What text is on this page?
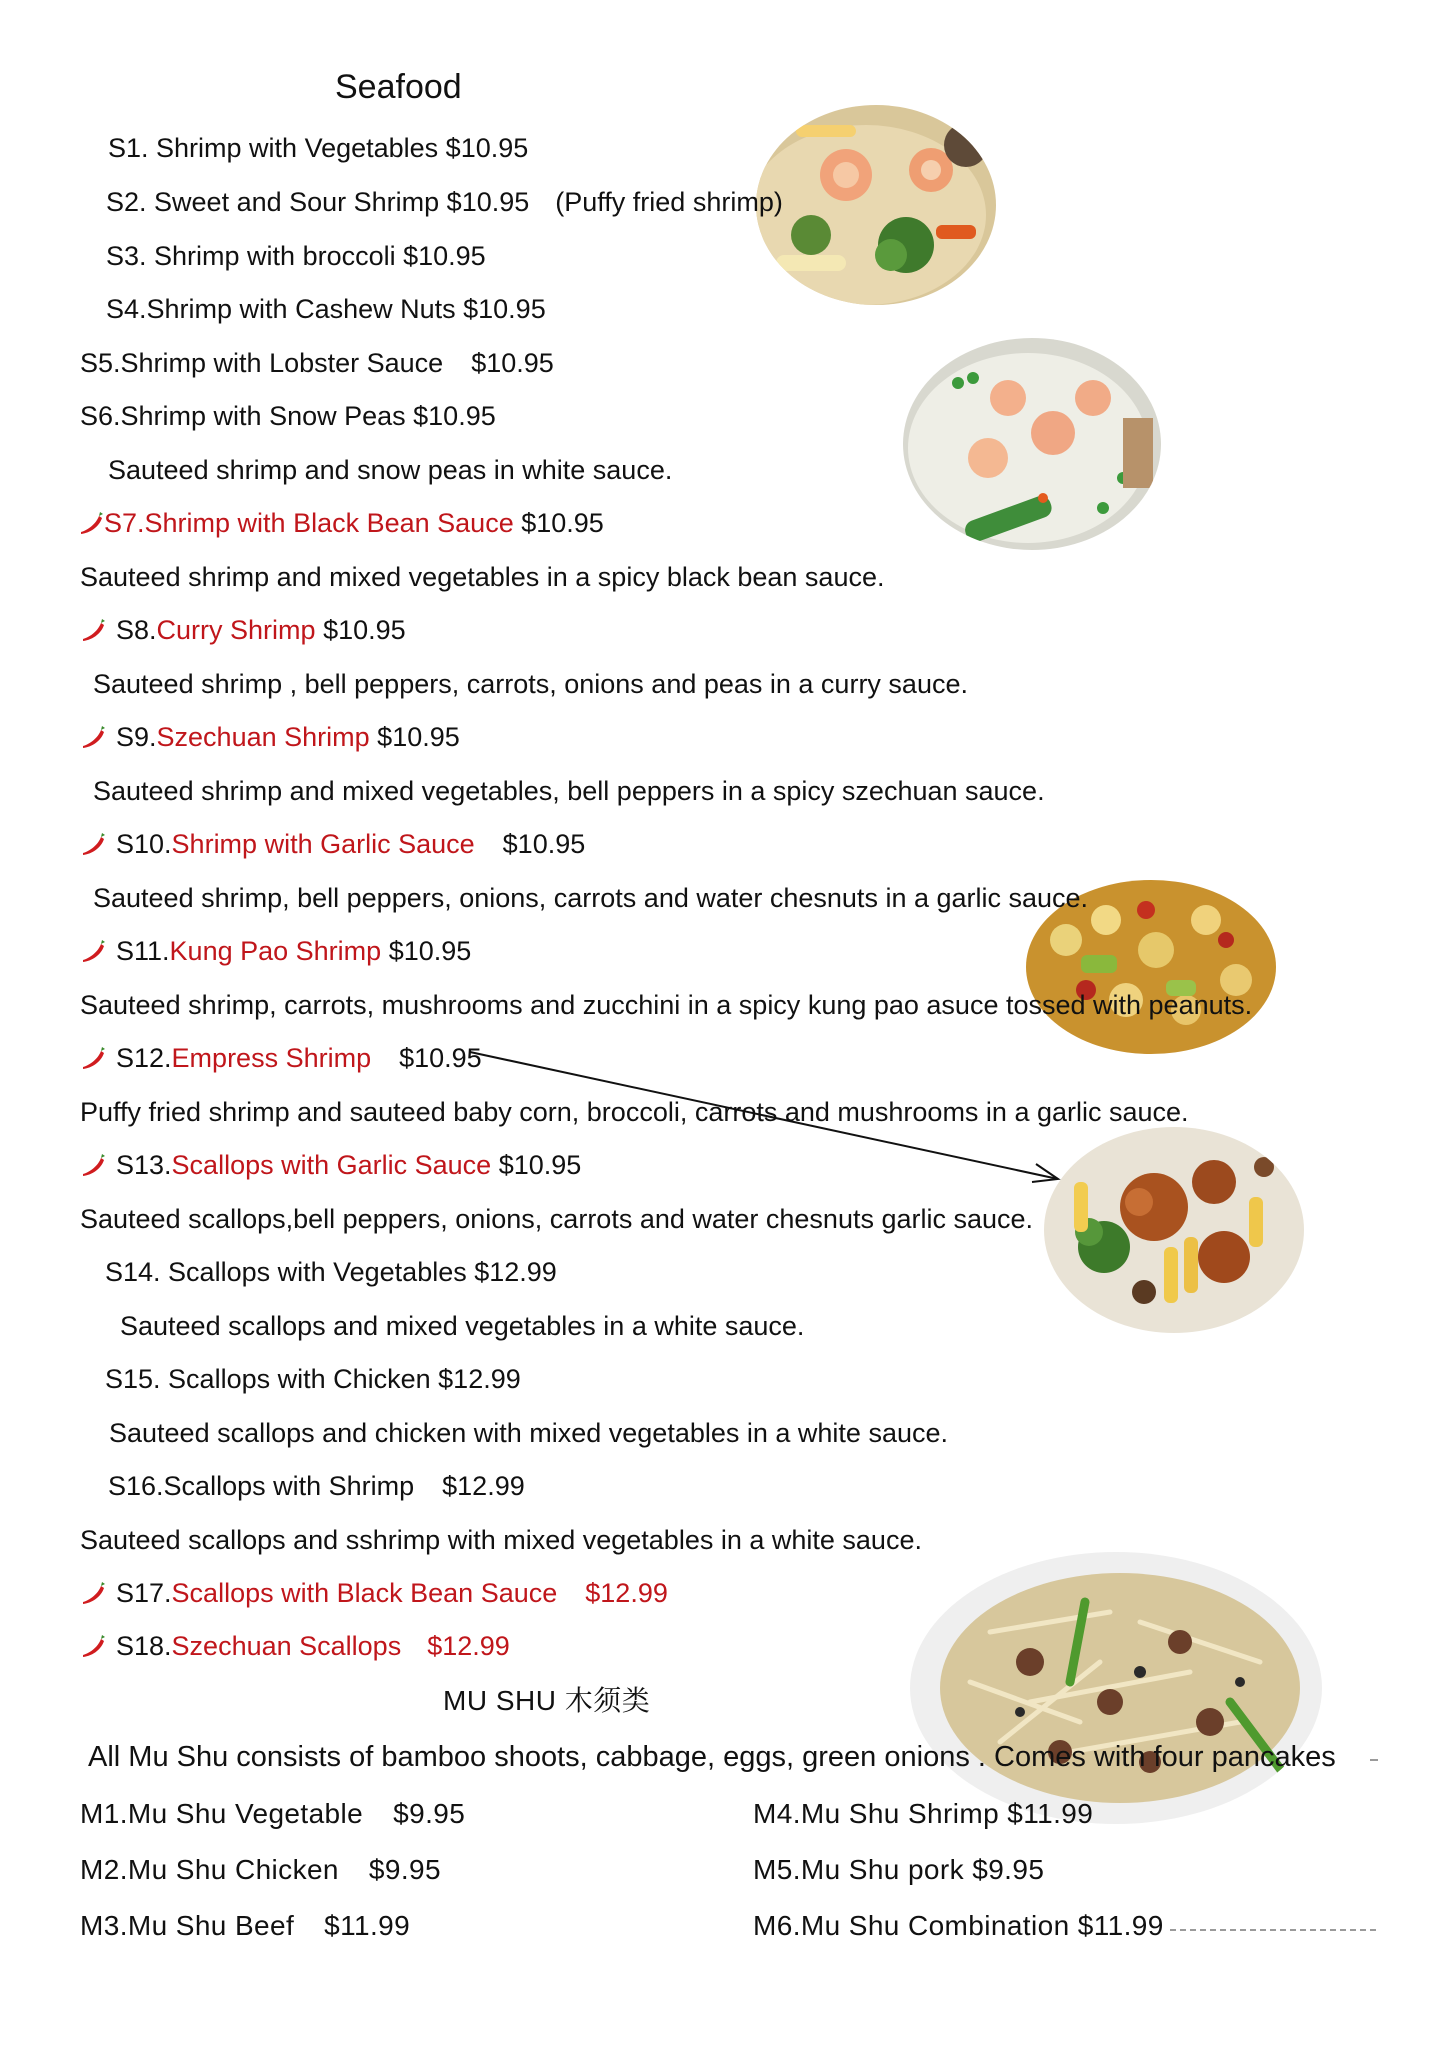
Seafood
S1. Shrimp with Vegetables $10.95
S2. Sweet and Sour Shrimp $10.95 (Puffy fried shrimp)
S3. Shrimp with broccoli $10.95
S4.Shrimp with Cashew Nuts $10.95
S5.Shrimp with Lobster Sauce $10.95
S6.Shrimp with Snow Peas $10.95
Sauteed shrimp and snow peas in white sauce.
S7.Shrimp with Black Bean Sauce $10.95
Sauteed shrimp and mixed vegetables in a spicy black bean sauce.
S8.Curry Shrimp $10.95
Sauteed shrimp , bell peppers, carrots, onions and peas in a curry sauce.
S9.Szechuan Shrimp $10.95
Sauteed shrimp and mixed vegetables, bell peppers in a spicy szechuan sauce.
S10.Shrimp with Garlic Sauce $10.95
Sauteed shrimp, bell peppers, onions, carrots and water chesnuts in a garlic sauce.
S11.Kung Pao Shrimp $10.95
Sauteed shrimp, carrots, mushrooms and zucchini in a spicy kung pao asuce tossed with peanuts.
S12.Empress Shrimp $10.95
Puffy fried shrimp and sauteed baby corn, broccoli, carrots and mushrooms in a garlic sauce.
S13.Scallops with Garlic Sauce $10.95
Sauteed scallops,bell peppers, onions, carrots and water chesnuts garlic sauce.
S14. Scallops with Vegetables $12.99
Sauteed scallops and mixed vegetables in a white sauce.
S15. Scallops with Chicken $12.99
Sauteed scallops and chicken with mixed vegetables in a white sauce.
S16.Scallops with Shrimp $12.99
Sauteed scallops and sshrimp with mixed vegetables in a white sauce.
S17.Scallops with Black Bean Sauce $12.99
S18.Szechuan Scallops $12.99
MU SHU 木须类
All Mu Shu consists of bamboo shoots, cabbage, eggs, green onions . Comes with four pancakes
M1.Mu Shu Vegetable $9.95
M2.Mu Shu Chicken $9.95
M3.Mu Shu Beef $11.99
M4.Mu Shu Shrimp $11.99
M5.Mu Shu pork $9.95
M6.Mu Shu Combination $11.99
